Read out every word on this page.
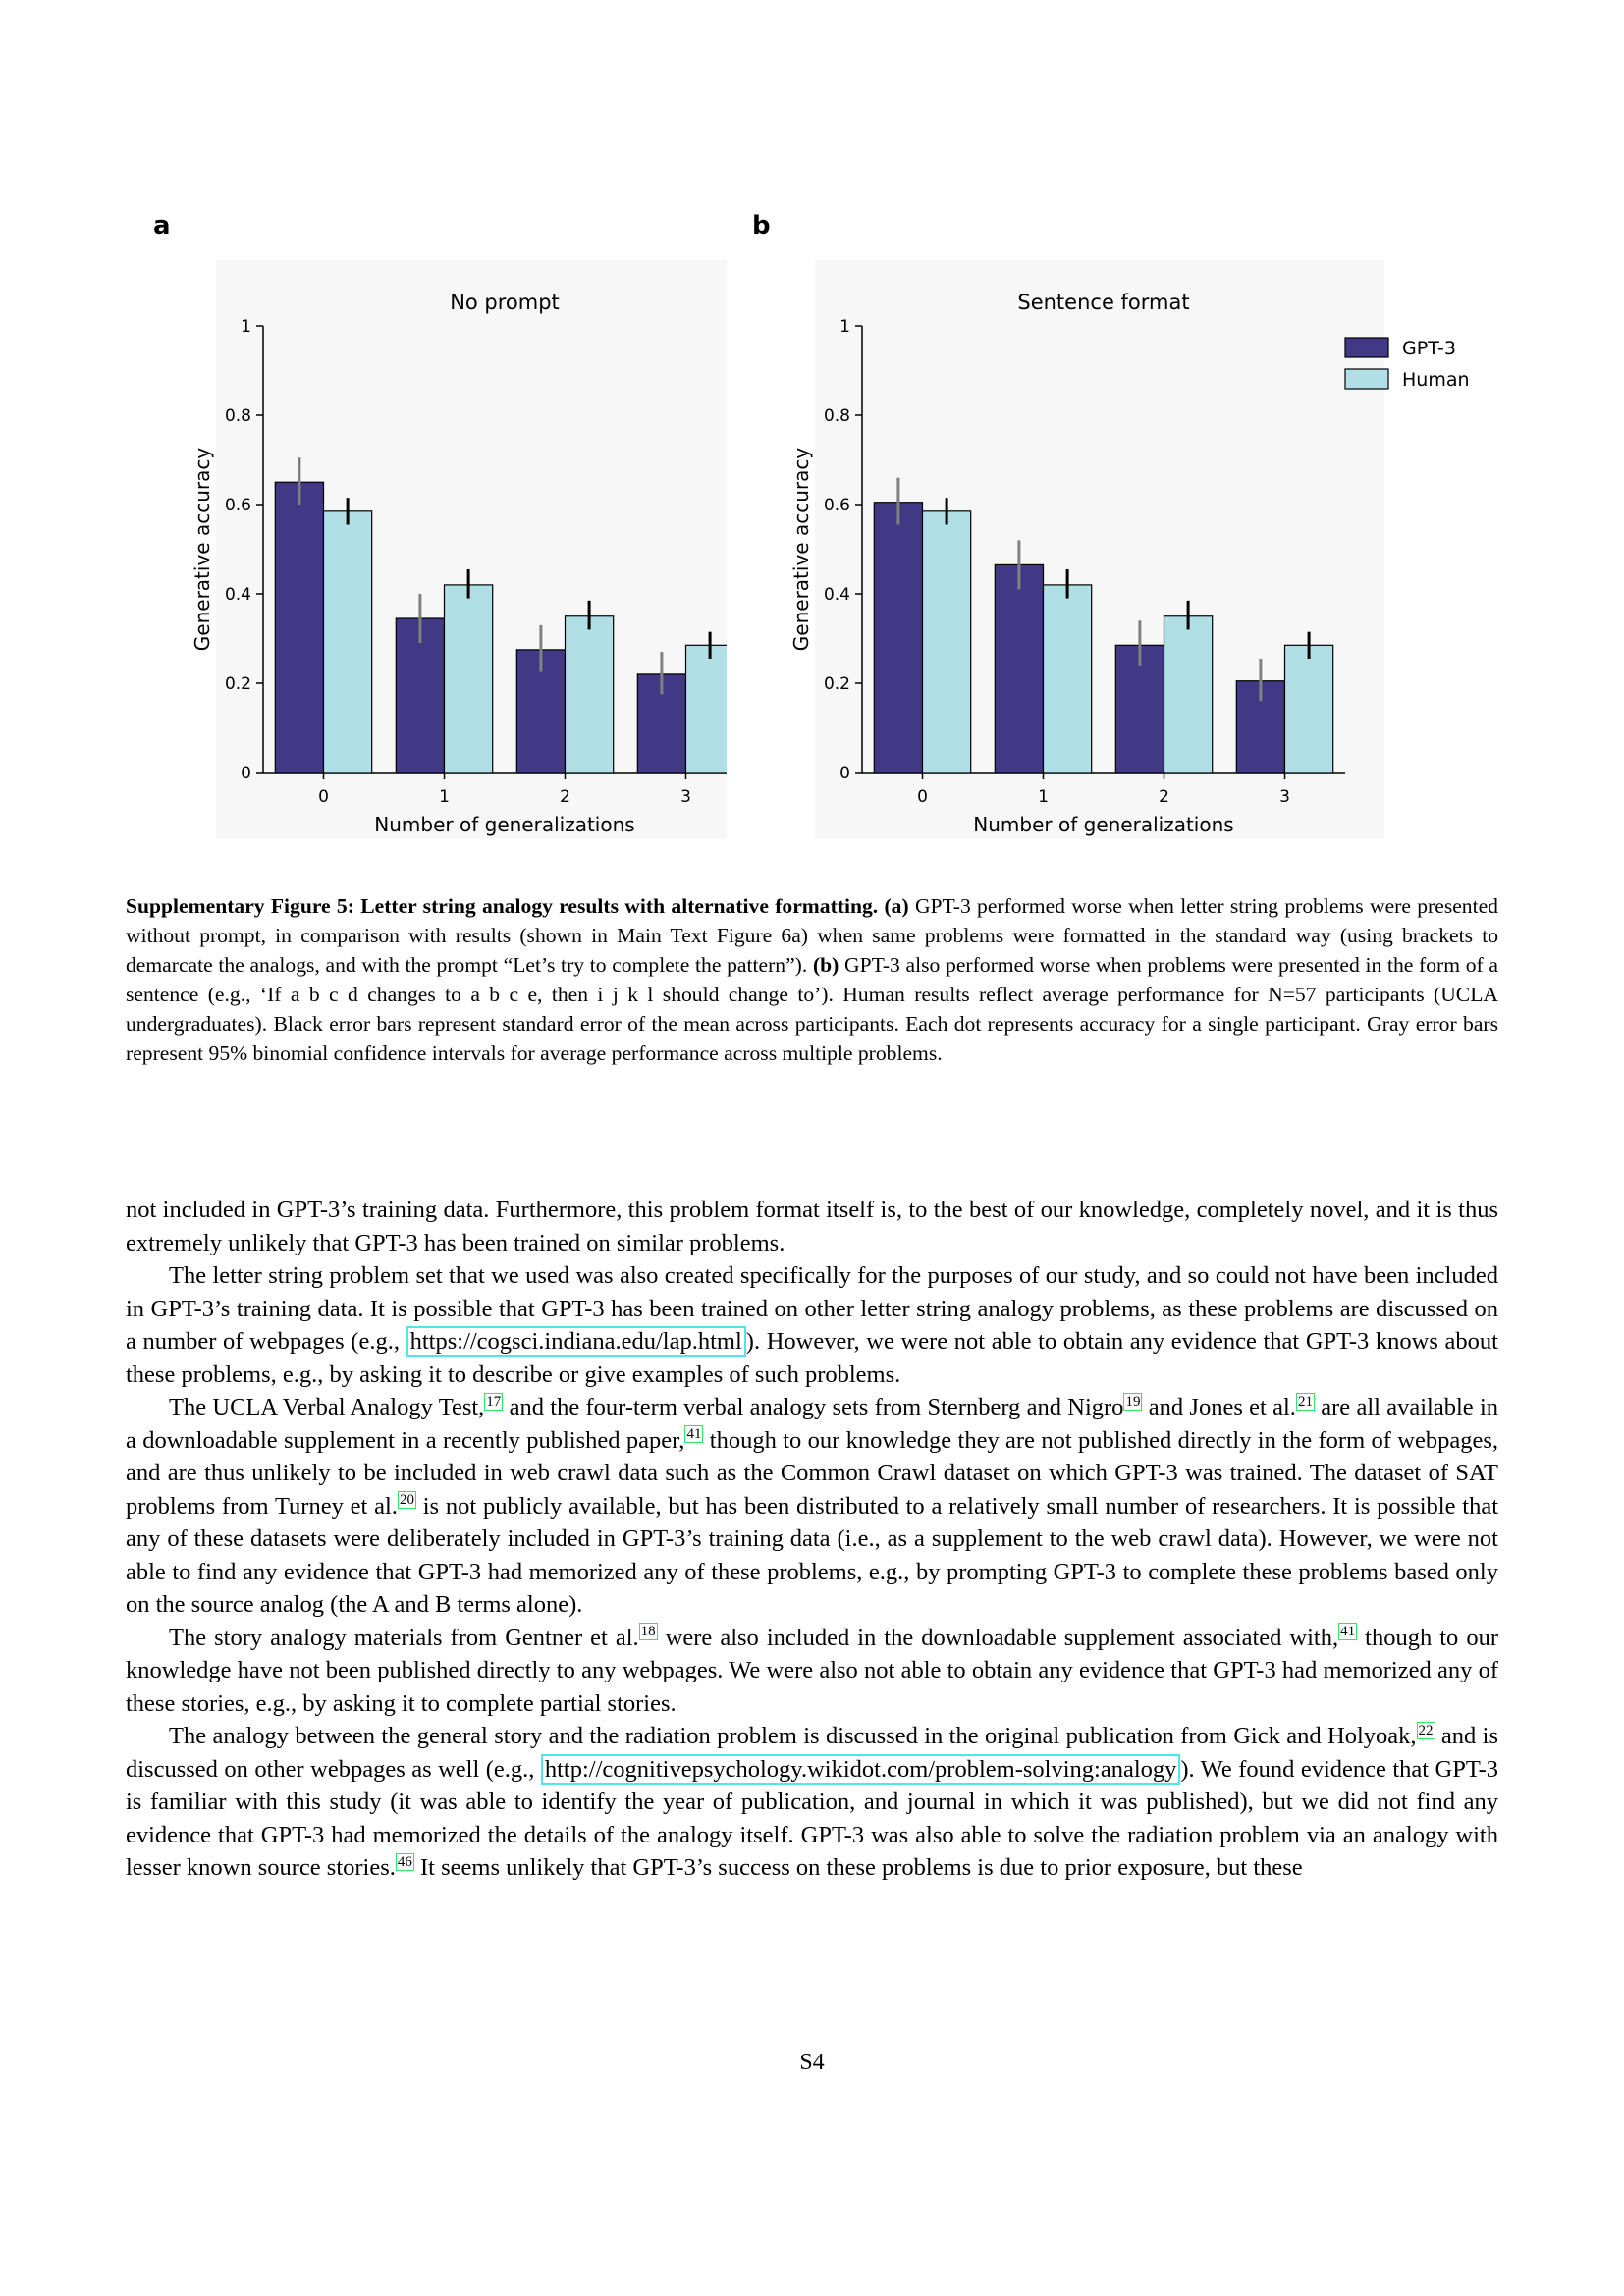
a	b
No prompt
0
0.2
0.4
0.6
0.8
1
Generative accuracy
0	1	2	3
Number of generalizations
Sentence format
0
0.2
0.4
0.6
0.8
1
Generative accuracy
0	1	2	3
Number of generalizations
GPT-3
Human

Supplementary Figure 5: Letter string analogy results with alternative formatting. (a) GPT-3 performed worse when letter string problems were presented without prompt, in comparison with results (shown in Main Text Figure 6a) when same problems were formatted in the standard way (using brackets to demarcate the analogs, and with the prompt “Let’s try to complete the pattern”). (b) GPT-3 also performed worse when problems were presented in the form of a sentence (e.g., ‘If a b c d changes to a b c e, then i j k l should change to’). Human results reflect average performance for N=57 participants (UCLA undergraduates). Black error bars represent standard error of the mean across participants. Each dot represents accuracy for a single participant. Gray error bars represent 95% binomial confidence intervals for average performance across multiple problems.

not included in GPT-3’s training data. Furthermore, this problem format itself is, to the best of our knowledge, completely novel, and it is thus extremely unlikely that GPT-3 has been trained on similar problems.

The letter string problem set that we used was also created specifically for the purposes of our study, and so could not have been included in GPT-3’s training data. It is possible that GPT-3 has been trained on other letter string analogy problems, as these problems are discussed on a number of webpages (e.g., https://cogsci.indiana.edu/lap.html ). However, we were not able to obtain any evidence that GPT-3 knows about these problems, e.g., by asking it to describe or give examples of such problems.

The UCLA Verbal Analogy Test, $^{17}$ and the four-term verbal analogy sets from Sternberg and Nigro $^{19}$ and Jones et al. $^{21}$ are all available in a downloadable supplement in a recently published paper, $^{41}$ though to our knowledge they are not published directly in the form of webpages, and are thus unlikely to be included in web crawl data such as the Common Crawl dataset on which GPT-3 was trained. The dataset of SAT problems from Turney et al. $^{20}$ is not publicly available, but has been distributed to a relatively small number of researchers. It is possible that any of these datasets were deliberately included in GPT-3’s training data (i.e., as a supplement to the web crawl data). However, we were not able to find any evidence that GPT-3 had memorized any of these problems, e.g., by prompting GPT-3 to complete these problems based only on the source analog (the A and B terms alone).

The story analogy materials from Gentner et al. $^{18}$ were also included in the downloadable supplement associated with, $^{41}$ though to our knowledge have not been published directly to any webpages. We were also not able to obtain any evidence that GPT-3 had memorized any of these stories, e.g., by asking it to complete partial stories.

The analogy between the general story and the radiation problem is discussed in the original publication from Gick and Holyoak, $^{22}$ and is discussed on other webpages as well (e.g., http://cognitivepsychology.wikidot.com/problem-solving:analogy ). We found evidence that GPT-3 is familiar with this study (it was able to identify the year of publication, and journal in which it was published), but we did not find any evidence that GPT-3 had memorized the details of the analogy itself. GPT-3 was also able to solve the radiation problem via an analogy with lesser known source stories. $^{46}$ It seems unlikely that GPT-3’s success on these problems is due to prior exposure, but these

S4
